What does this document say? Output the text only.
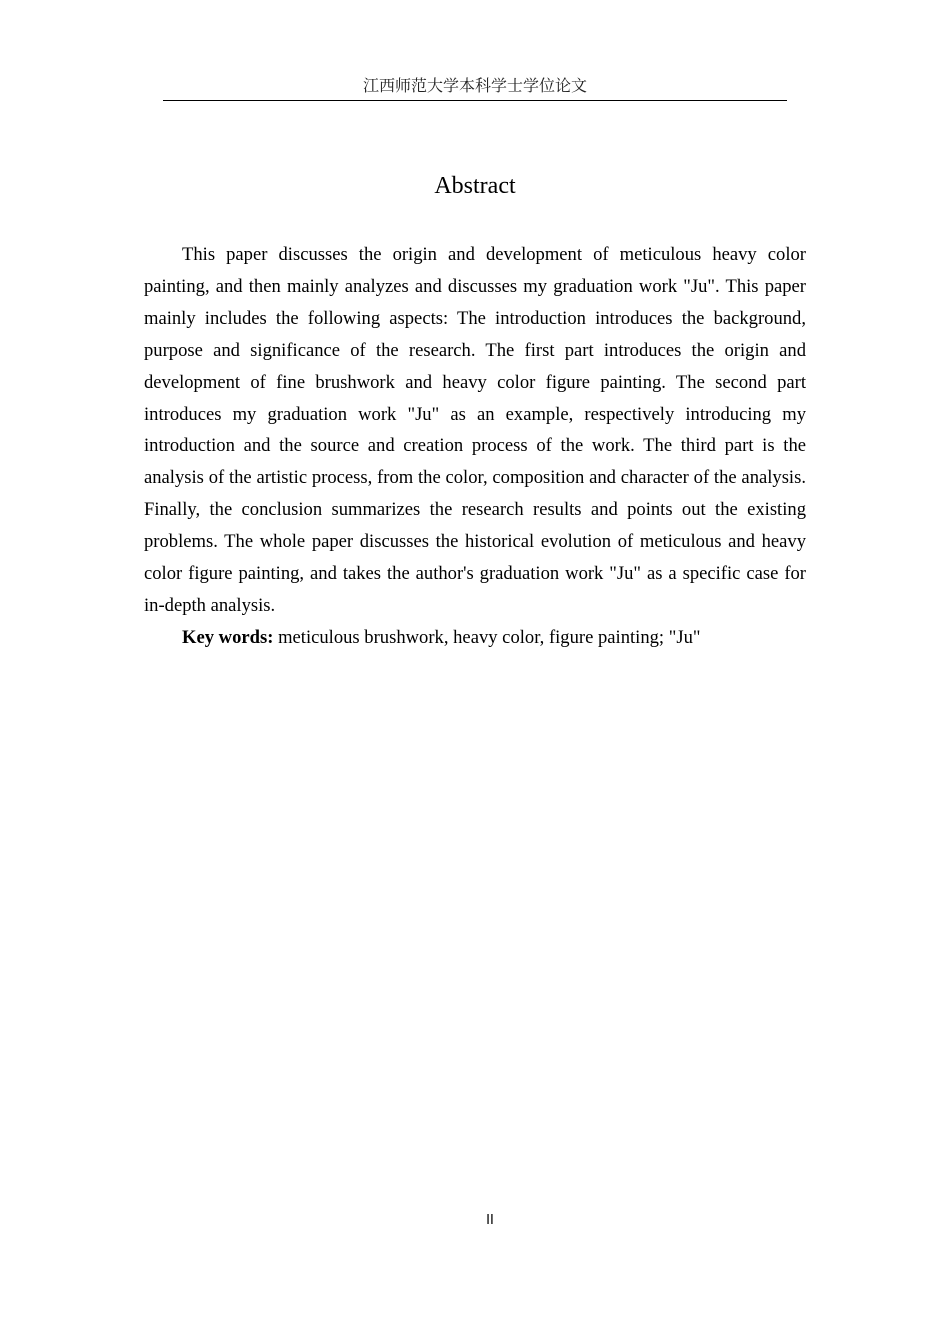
江西师范大学本科学士学位论文
Abstract

This paper discusses the origin and development of meticulous heavy color painting, and then mainly analyzes and discusses my graduation work "Ju". This paper mainly includes the following aspects: The introduction introduces the background, purpose and significance of the research. The first part introduces the origin and development of fine brushwork and heavy color figure painting. The second part introduces my graduation work "Ju" as an example, respectively introducing my introduction and the source and creation process of the work. The third part is the analysis of the artistic process, from the color, composition and character of the analysis. Finally, the conclusion summarizes the research results and points out the existing problems. The whole paper discusses the historical evolution of meticulous and heavy color figure painting, and takes the author's graduation work "Ju" as a specific case for in-depth analysis.

Key words: meticulous brushwork, heavy color, figure painting; "Ju"

II
